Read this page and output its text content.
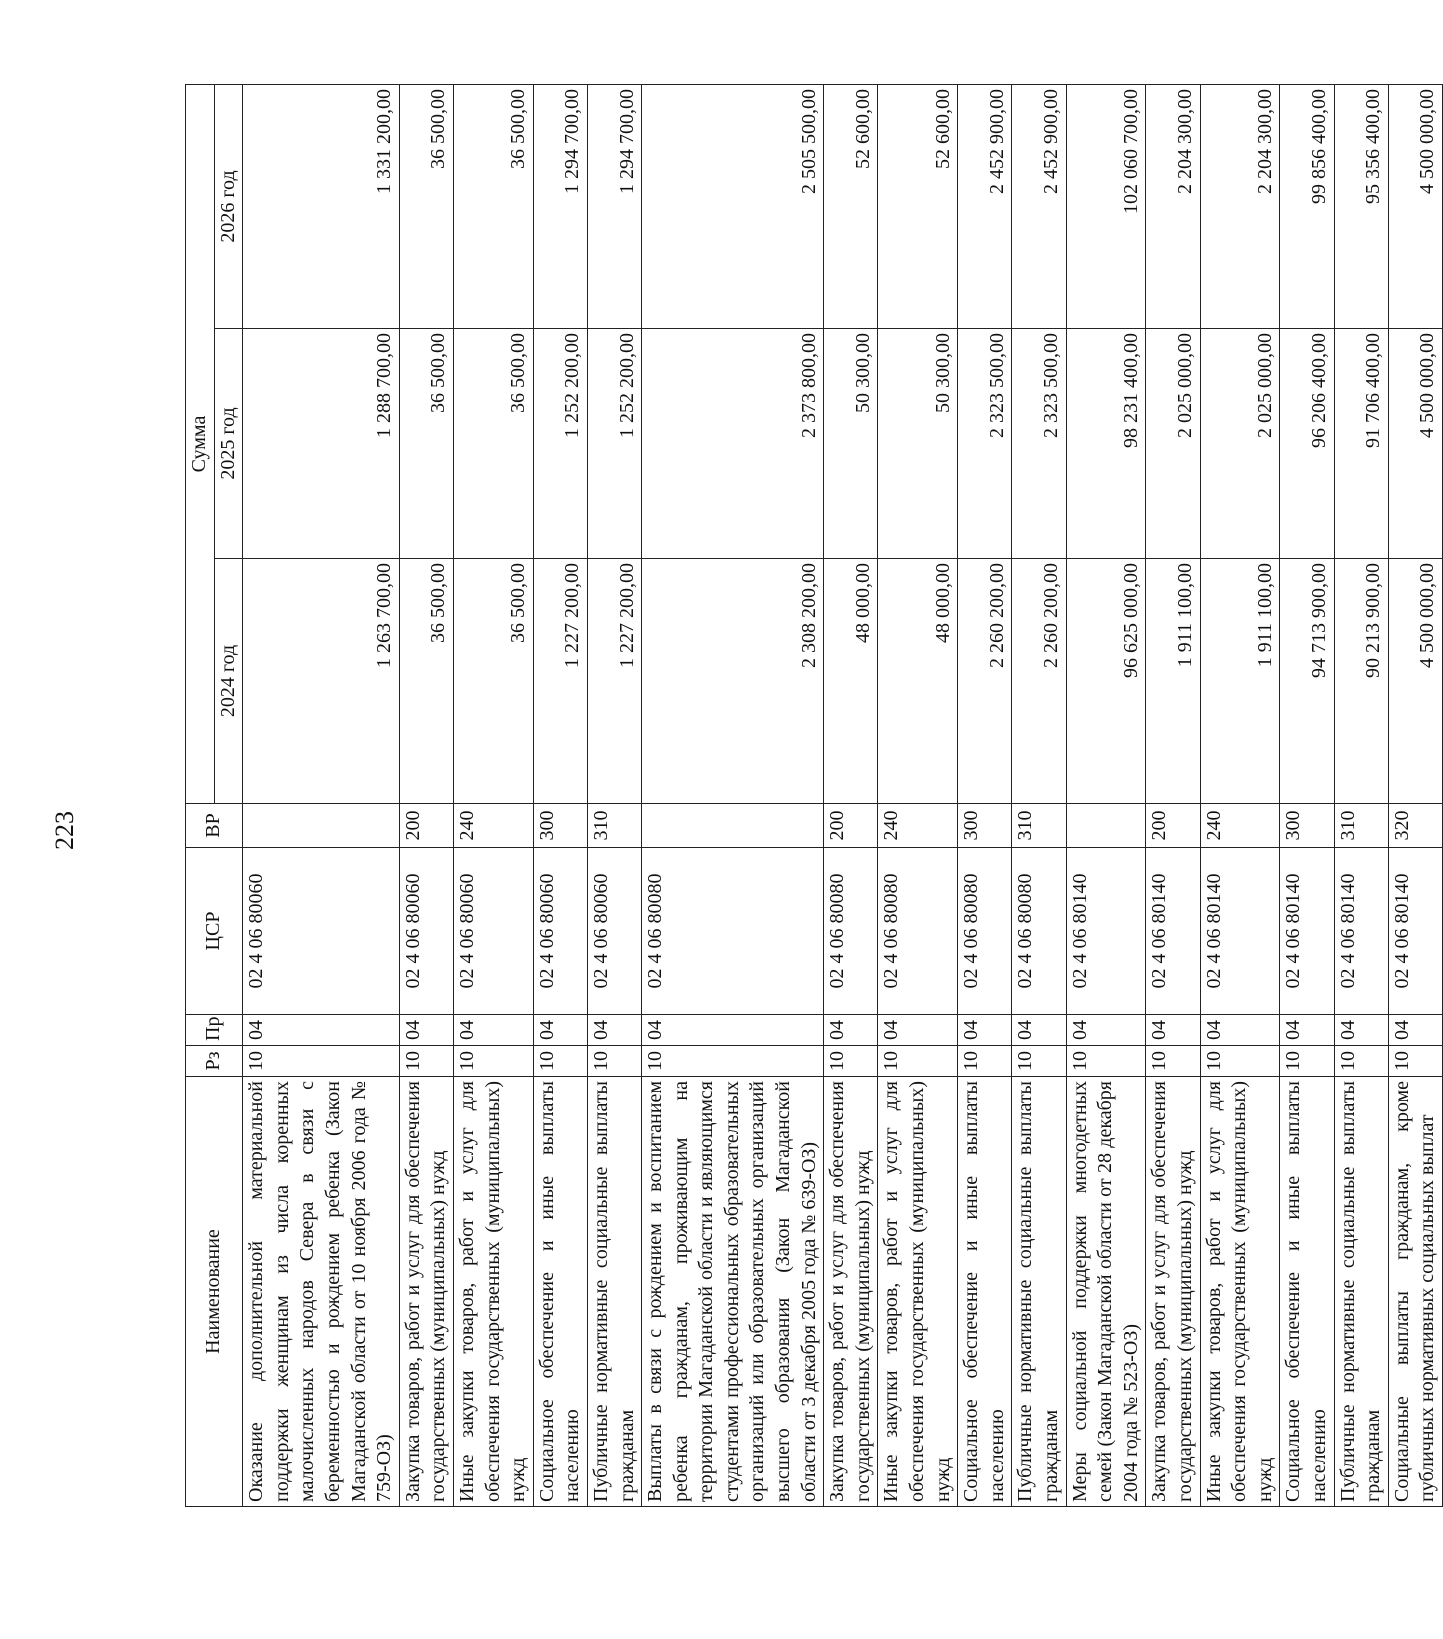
223
Наименование	Рз	Пр	ЦСР	ВР	Сумма		
					2024 год	2025 год	2026 год
Оказание дополнительной материальной поддержки женщинам из числа коренных малочисленных народов Севера в связи с беременностью и рождением ребенка (Закон Магаданской области от 10 ноября 2006 года № 759-ОЗ)	10	04	02 4 06 80060		1 263 700,00	1 288 700,00	1 331 200,00
Закупка товаров, работ и услуг для обеспечения государственных (муниципальных) нужд	10	04	02 4 06 80060	200	36 500,00	36 500,00	36 500,00
Иные закупки товаров, работ и услуг для обеспечения государственных (муниципальных) нужд	10	04	02 4 06 80060	240	36 500,00	36 500,00	36 500,00
Социальное обеспечение и иные выплаты населению	10	04	02 4 06 80060	300	1 227 200,00	1 252 200,00	1 294 700,00
Публичные нормативные социальные выплаты гражданам	10	04	02 4 06 80060	310	1 227 200,00	1 252 200,00	1 294 700,00
Выплаты в связи с рождением и воспитанием ребенка гражданам, проживающим на территории Магаданской области и являющимся студентами профессиональных образовательных организаций или образовательных организаций высшего образования (Закон Магаданской области от 3 декабря 2005 года № 639-ОЗ)	10	04	02 4 06 80080		2 308 200,00	2 373 800,00	2 505 500,00
Закупка товаров, работ и услуг для обеспечения государственных (муниципальных) нужд	10	04	02 4 06 80080	200	48 000,00	50 300,00	52 600,00
Иные закупки товаров, работ и услуг для обеспечения государственных (муниципальных) нужд	10	04	02 4 06 80080	240	48 000,00	50 300,00	52 600,00
Социальное обеспечение и иные выплаты населению	10	04	02 4 06 80080	300	2 260 200,00	2 323 500,00	2 452 900,00
Публичные нормативные социальные выплаты гражданам	10	04	02 4 06 80080	310	2 260 200,00	2 323 500,00	2 452 900,00
Меры социальной поддержки многодетных семей (Закон Магаданской области от 28 декабря 2004 года № 523-ОЗ)	10	04	02 4 06 80140		96 625 000,00	98 231 400,00	102 060 700,00
Закупка товаров, работ и услуг для обеспечения государственных (муниципальных) нужд	10	04	02 4 06 80140	200	1 911 100,00	2 025 000,00	2 204 300,00
Иные закупки товаров, работ и услуг для обеспечения государственных (муниципальных) нужд	10	04	02 4 06 80140	240	1 911 100,00	2 025 000,00	2 204 300,00
Социальное обеспечение и иные выплаты населению	10	04	02 4 06 80140	300	94 713 900,00	96 206 400,00	99 856 400,00
Публичные нормативные социальные выплаты гражданам	10	04	02 4 06 80140	310	90 213 900,00	91 706 400,00	95 356 400,00
Социальные выплаты гражданам, кроме публичных нормативных социальных выплат	10	04	02 4 06 80140	320	4 500 000,00	4 500 000,00	4 500 000,00
